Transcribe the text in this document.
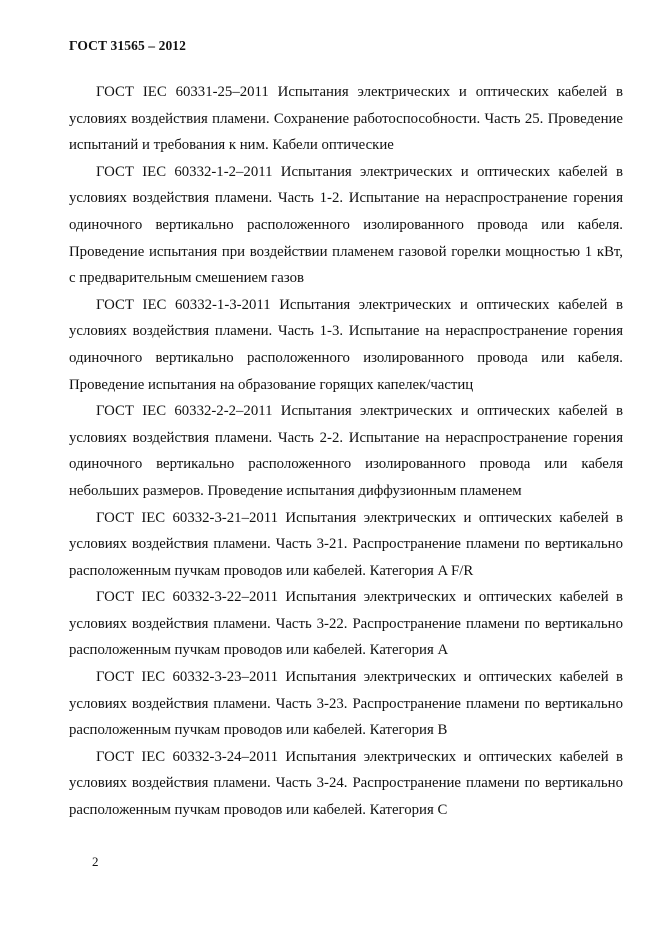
ГОСТ 31565 – 2012

ГОСТ IEC 60331-25–2011 Испытания электрических и оптических кабелей в условиях воздействия пламени. Сохранение работоспособности. Часть 25. Проведение испытаний и требования к ним. Кабели оптические

ГОСТ IEC 60332-1-2–2011 Испытания электрических и оптических кабелей в условиях воздействия пламени. Часть 1-2. Испытание на нераспространение горения одиночного вертикально расположенного изолированного провода или кабеля. Проведение испытания при воздействии пламенем газовой горелки мощностью 1 кВт, с предварительным смешением газов

ГОСТ IEC 60332-1-3-2011 Испытания электрических и оптических кабелей в условиях воздействия пламени. Часть 1-3. Испытание на нераспространение горения одиночного вертикально расположенного изолированного провода или кабеля. Проведение испытания на образование горящих капелек/частиц

ГОСТ IEC 60332-2-2–2011 Испытания электрических и оптических кабелей в условиях воздействия пламени. Часть 2-2. Испытание на нераспространение горения одиночного вертикально расположенного изолированного провода или кабеля небольших размеров. Проведение испытания диффузионным пламенем

ГОСТ IEC 60332-3-21–2011 Испытания электрических и оптических кабелей в условиях воздействия пламени. Часть 3-21. Распространение пламени по вертикально расположенным пучкам проводов или кабелей. Категория A F/R

ГОСТ IEC 60332-3-22–2011 Испытания электрических и оптических кабелей в условиях воздействия пламени. Часть 3-22. Распространение пламени по вертикально расположенным пучкам проводов или кабелей. Категория А

ГОСТ IEC 60332-3-23–2011 Испытания электрических и оптических кабелей в условиях воздействия пламени. Часть 3-23. Распространение пламени по вертикально расположенным пучкам проводов или кабелей. Категория В

ГОСТ IEC 60332-3-24–2011 Испытания электрических и оптических кабелей в условиях воздействия пламени. Часть 3-24. Распространение пламени по вертикально расположенным пучкам проводов или кабелей. Категория С

2
